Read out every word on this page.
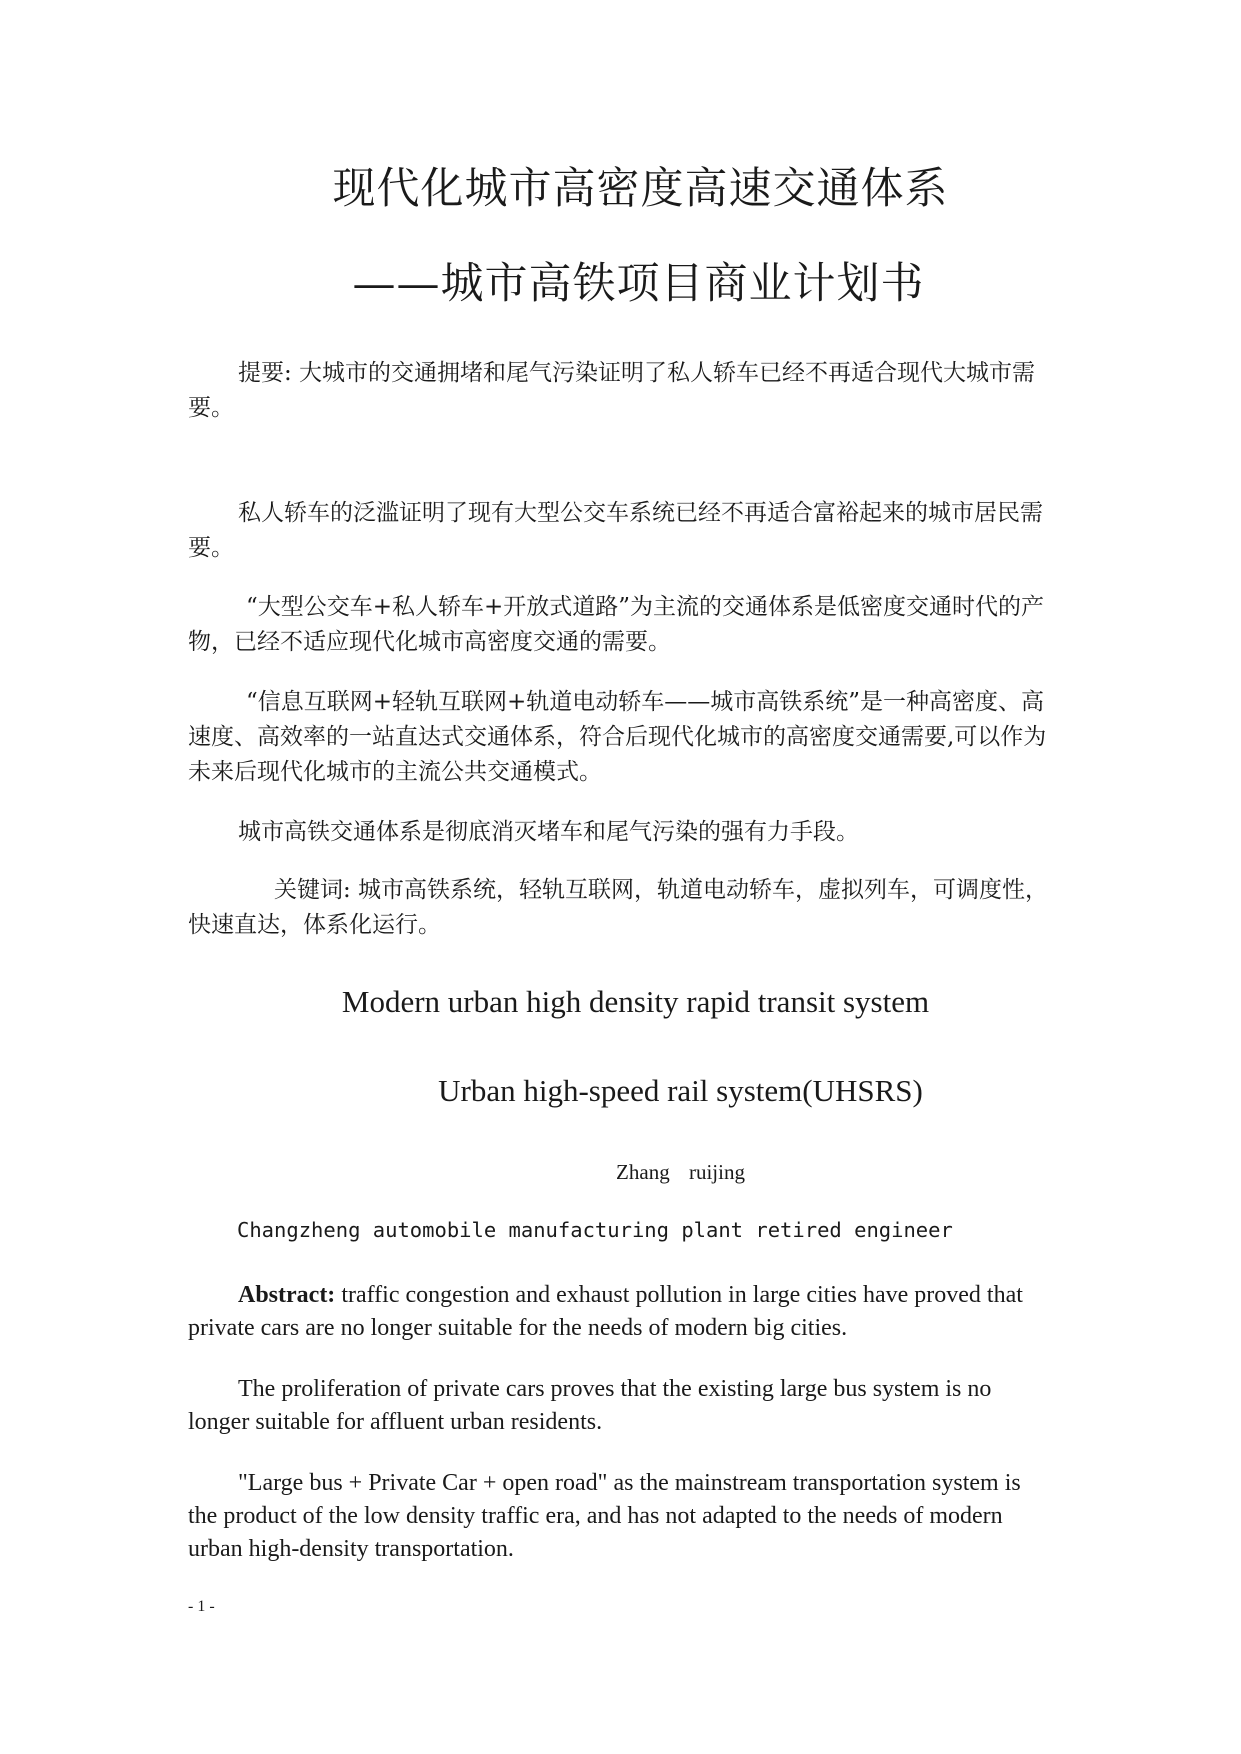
现代化城市高密度高速交通体系
——城市高铁项目商业计划书

提要: 大城市的交通拥堵和尾气污染证明了私人轿车已经不再适合现代大城市需要。

私人轿车的泛滥证明了现有大型公交车系统已经不再适合富裕起来的城市居民需要。

“大型公交车+私人轿车+开放式道路”为主流的交通体系是低密度交通时代的产物，已经不适应现代化城市高密度交通的需要。

“信息互联网+轻轨互联网+轨道电动轿车——城市高铁系统”是一种高密度、高速度、高效率的一站直达式交通体系，符合后现代化城市的高密度交通需要,可以作为未来后现代化城市的主流公共交通模式。

城市高铁交通体系是彻底消灭堵车和尾气污染的强有力手段。

关键词: 城市高铁系统，轻轨互联网，轨道电动轿车，虚拟列车，可调度性，快速直达，体系化运行。

Modern urban high density rapid transit system
Urban high-speed rail system(UHSRS)
Zhang ruijing
Changzheng automobile manufacturing plant retired engineer

Abstract: traffic congestion and exhaust pollution in large cities have proved that private cars are no longer suitable for the needs of modern big cities.

The proliferation of private cars proves that the existing large bus system is no longer suitable for affluent urban residents.

"Large bus + Private Car + open road" as the mainstream transportation system is the product of the low density traffic era, and has not adapted to the needs of modern urban high-density transportation.

- 1 -
